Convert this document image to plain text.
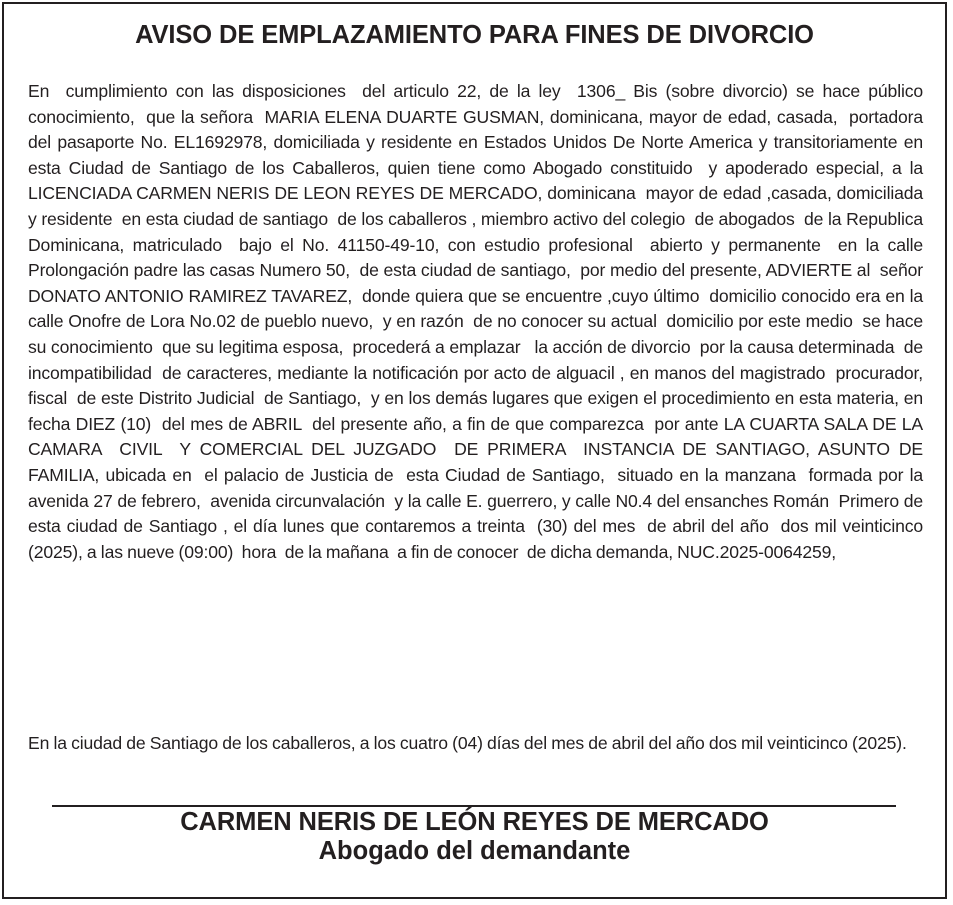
AVISO DE EMPLAZAMIENTO PARA FINES DE DIVORCIO
En  cumplimiento con las disposiciones  del articulo 22, de la ley  1306_ Bis (sobre divorcio) se hace público  conocimiento,  que la señora  MARIA ELENA DUARTE GUSMAN, dominicana, mayor de edad, casada,  portadora del pasaporte No. EL1692978, domiciliada y residente en Estados Unidos De Norte America y transitoriamente en esta Ciudad de Santiago de los Caballeros, quien tiene como Abogado constituido  y apoderado especial, a la LICENCIADA CARMEN NERIS DE LEON REYES DE MERCADO, dominicana  mayor de edad ,casada, domiciliada y residente  en esta ciudad de santiago  de los caballeros , miembro activo del colegio  de abogados  de la Republica Dominicana, matriculado  bajo el No. 41150-49-10, con estudio profesional  abierto y permanente  en la calle Prolongación padre las casas Numero 50,  de esta ciudad de santiago,  por medio del presente, ADVIERTE al  señor DONATO ANTONIO RAMIREZ TAVAREZ,  donde quiera que se encuentre ,cuyo último  domicilio conocido era en la calle Onofre de Lora No.02 de pueblo nuevo,  y en razón  de no conocer su actual  domicilio por este medio  se hace su conocimiento  que su legitima esposa,  procederá a emplazar   la acción de divorcio  por la causa determinada  de incompatibilidad  de caracteres, mediante la notificación por acto de alguacil , en manos del magistrado  procurador, fiscal  de este Distrito Judicial  de Santiago,  y en los demás lugares que exigen el procedimiento en esta materia, en fecha DIEZ (10)  del mes de ABRIL  del presente año, a fin de que comparezca  por ante LA CUARTA SALA DE LA CAMARA  CIVIL  Y COMERCIAL DEL JUZGADO  DE PRIMERA  INSTANCIA DE SANTIAGO, ASUNTO DE FAMILIA, ubicada en  el palacio de Justicia de  esta Ciudad de Santiago,  situado en la manzana  formada por la avenida 27 de febrero,  avenida circunvalación  y la calle E. guerrero, y calle N0.4 del ensanches Román  Primero de esta ciudad de Santiago , el día lunes que contaremos a treinta  (30) del mes  de abril del año  dos mil veinticinco (2025), a las nueve (09:00)  hora  de la mañana  a fin de conocer  de dicha demanda, NUC.2025-0064259,
En la ciudad de Santiago de los caballeros, a los cuatro (04) días del mes de abril del año dos mil veinticinco (2025).
CARMEN NERIS DE LEÓN REYES DE MERCADO
Abogado del demandante
